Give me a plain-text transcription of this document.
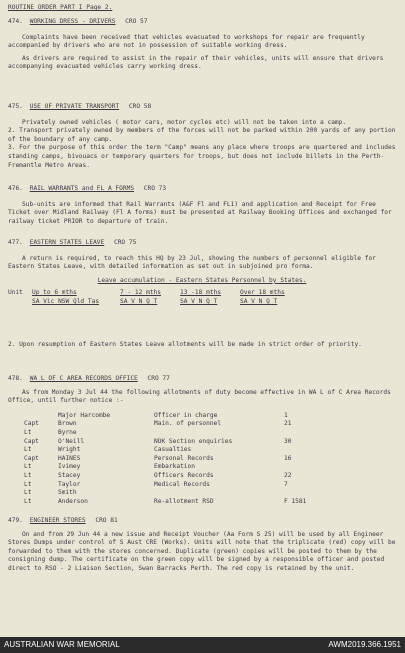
ROUTINE ORDER PART I Page 2.

474. WORKING DRESS - DRIVERS CRO 57

Complaints have been received that vehicles evacuated to workshops for repair are frequently accompanied by drivers who are not in possession of suitable working dress.

As drivers are required to assist in the repair of their vehicles, units will ensure that drivers accompanying evacuated vehicles carry working dress.

475. USE OF PRIVATE TRANSPORT CRO 58

Privately owned vehicles ( motor cars, motor cycles etc) will not be taken into a camp.

2. Transport privately owned by members of the forces will not be parked within 200 yards of any portion of the boundary of any camp.

3. For the purpose of this order the term "Camp" means any place where troops are quartered and includes standing camps, bivouacs or temporary quarters for troops, but does not include billets in the Perth-Fremantle Metro Areas.

476. RAIL WARRANTS and FL A FORMS CRO 73

Sub-units are informed that Rail Warrants (A&F Fl and FL1) and application and Receipt for Free Ticket over Midland Railway (Fl A forms) must be presented at Railway Booking Offices and exchanged for railway ticket PRIOR to departure of train.

477. EASTERN STATES LEAVE CRO 75

A return is required, to reach this HQ by 23 Jul, showing the numbers of personnel eligible for Eastern States Leave, with detailed information as set out in subjoined pro forma.

Leave accumulation - Eastern States Personnel by States.

Unit	Up to 6 mths	7 - 12 mths	13 -18 mths	Over 18 mths
SA Vic NSW Qld Tas	SA V N Q T	SA V N Q T	SA V N Q T

2. Upon resumption of Eastern States Leave allotments will be made in strict order of priority.

478. WA L OF C AREA RECORDS OFFICE CRO 77

As from Monday 3 Jul 44 the following allotments of duty become effective in WA L of C Area Records Office, until further notice :-

Major Harcombe	Officer in charge	1
Capt	Brown	Main. of personnel	21
Lt	Byrne
Capt	O'Neill	NOK Section enquiries	30
Lt	Wright	Casualties
Capt	HAINES	Personal Records	16
Lt	Ivimey	Embarkation
Lt	Stacey	Officers Records	22
Lt	Taylor	Medical Records	7
Lt	Smith
Lt	Anderson	Re-allotment RSD	F 1581

479. ENGINEER STORES CRO 81

On and from 29 Jun 44 a new issue and Receipt Voucher (Aa Form S 25) will be used by all Engineer Stores Dumps under control of S Aust CRE (Works). Units will note that the triplicate (red) copy will be forwarded to them with the stores concerned. Duplicate (green) copies will be posted to them by the consigning dump. The certificate on the green copy will be signed by a responsible officer and posted direct to RSO - 2 Liaison Section, Swan Barracks Perth. The red copy is retained by the unit.

AUSTRALIAN WAR MEMORIAL	AWM2019.366.1951
